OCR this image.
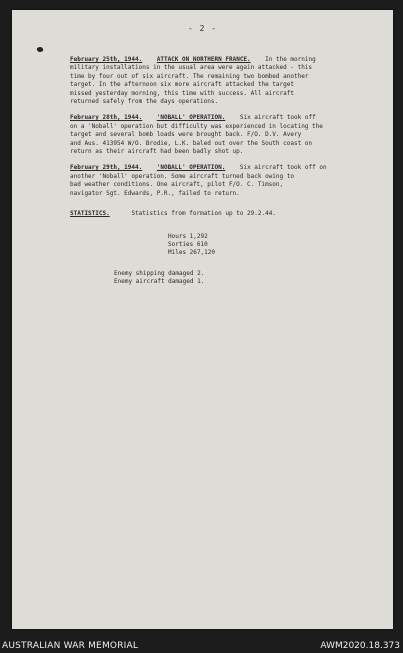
- 2 -
February 25th, 1944. ATTACK ON NORTHERN FRANCE. In the morning
military installations in the usual area were again attacked - this
time by four out of six aircraft. The remaining two bombed another
target. In the afternoon six more aircraft attacked the target
missed yesterday morning, this time with success. All aircraft
returned safely from the days operations.
February 28th, 1944. 'NOBALL' OPERATION. Six aircraft took off
on a 'Noball' operation but difficulty was experienced in locating the
target and several bomb loads were brought back. F/O. D.V. Avery
and Aus. 413954 W/O. Brodie, L.K. baled out over the South coast on
return as their aircraft had been badly shot up.
February 29th, 1944. 'NOBALL' OPERATION. Six aircraft took off on
another 'Noball' operation. Some aircraft turned back owing to
bad weather conditions. One aircraft, pilot F/O. C. Timson,
navigator Sgt. Edwards, P.R., failed to return.
STATISTICS.	Statistics from formation up to 29.2.44.
Hours 1,292
Sorties 610
Miles 267,120
Enemy shipping damaged 2.
Enemy aircraft damaged 1.
AUSTRALIAN WAR MEMORIAL	AWM2020.18.373
